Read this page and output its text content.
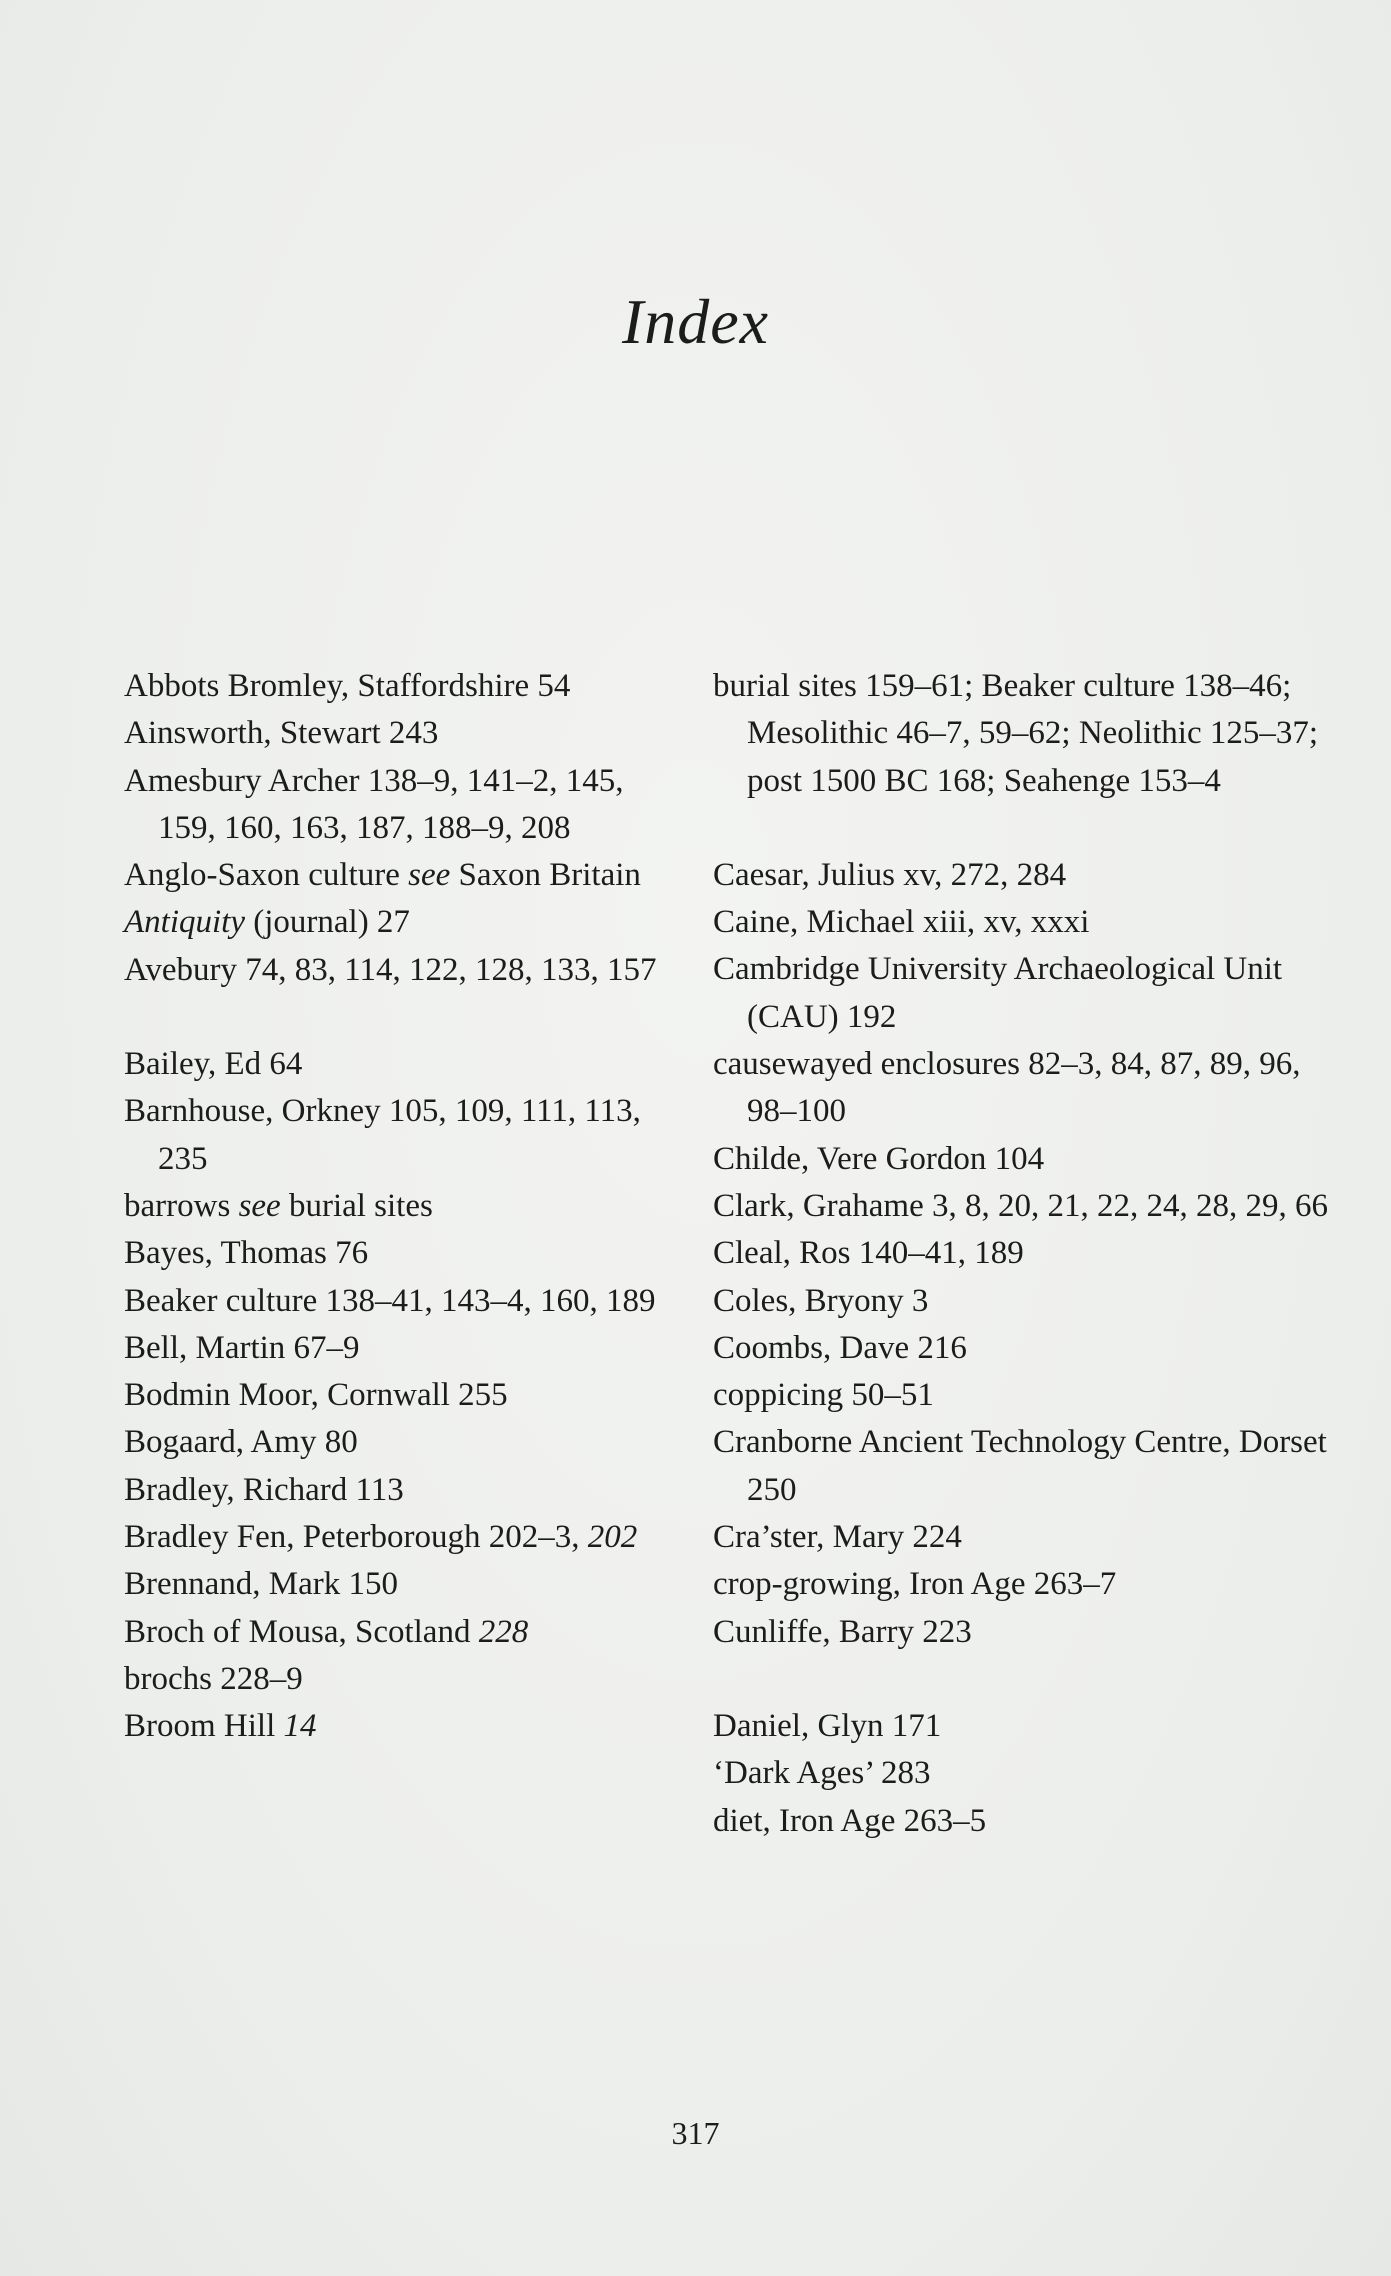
Index

Abbots Bromley, Staffordshire 54

Ainsworth, Stewart 243

Amesbury Archer 138–9, 141–2, 145, 159, 160, 163, 187, 188–9, 208

Anglo-Saxon culture see Saxon Britain

Antiquity (journal) 27

Avebury 74, 83, 114, 122, 128, 133, 157

Bailey, Ed 64

Barnhouse, Orkney 105, 109, 111, 113, 235

barrows see burial sites

Bayes, Thomas 76

Beaker culture 138–41, 143–4, 160, 189

Bell, Martin 67–9

Bodmin Moor, Cornwall 255

Bogaard, Amy 80

Bradley, Richard 113

Bradley Fen, Peterborough 202–3, 202

Brennand, Mark 150

Broch of Mousa, Scotland 228

brochs 228–9

Broom Hill 14

burial sites 159–61; Beaker culture 138–46; Mesolithic 46–7, 59–62; Neolithic 125–37; post 1500 BC 168; Seahenge 153–4

Caesar, Julius xv, 272, 284

Caine, Michael xiii, xv, xxxi

Cambridge University Archaeological Unit (CAU) 192

causewayed enclosures 82–3, 84, 87, 89, 96, 98–100

Childe, Vere Gordon 104

Clark, Grahame 3, 8, 20, 21, 22, 24, 28, 29, 66

Cleal, Ros 140–41, 189

Coles, Bryony 3

Coombs, Dave 216

coppicing 50–51

Cranborne Ancient Technology Centre, Dorset 250

Cra’ster, Mary 224

crop-growing, Iron Age 263–7

Cunliffe, Barry 223

Daniel, Glyn 171

‘Dark Ages’ 283

diet, Iron Age 263–5

317
